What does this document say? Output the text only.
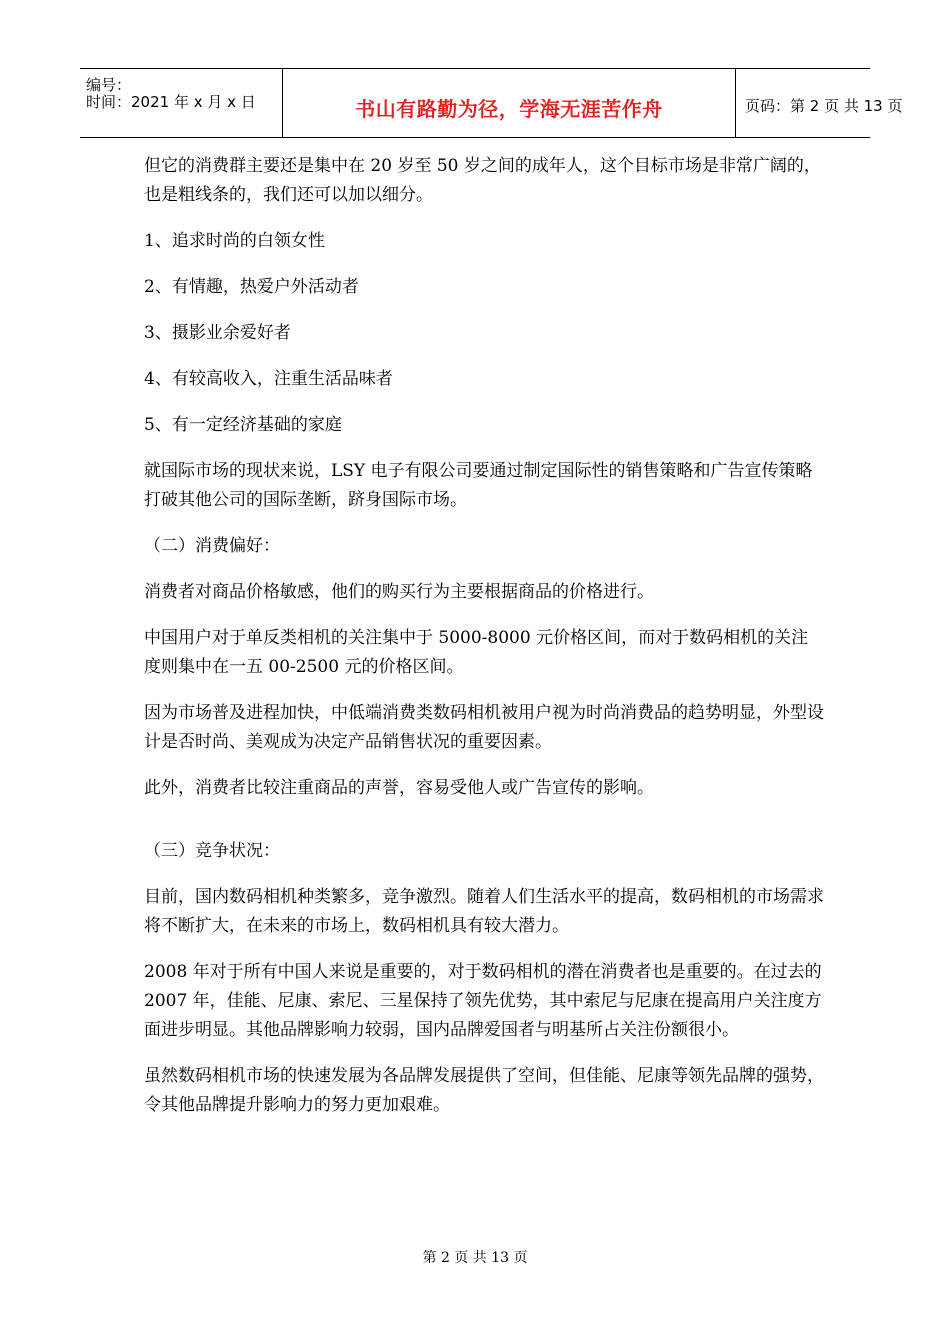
编号：
时间：2021 年 x 月 x 日	书山有路勤为径，学海无涯苦作舟	页码：第 2 页 共 13 页

但它的消费群主要还是集中在 20 岁至 50 岁之间的成年人，这个目标市场是非常广阔的，也是粗线条的，我们还可以加以细分。

1、追求时尚的白领女性

2、有情趣，热爱户外活动者

3、摄影业余爱好者

4、有较高收入，注重生活品味者

5、有一定经济基础的家庭

就国际市场的现状来说，LSY 电子有限公司要通过制定国际性的销售策略和广告宣传策略打破其他公司的国际垄断，跻身国际市场。

（二）消费偏好：

消费者对商品价格敏感，他们的购买行为主要根据商品的价格进行。

中国用户对于单反类相机的关注集中于 5000-8000 元价格区间，而对于数码相机的关注度则集中在一五 00-2500 元的价格区间。

因为市场普及进程加快，中低端消费类数码相机被用户视为时尚消费品的趋势明显，外型设计是否时尚、美观成为决定产品销售状况的重要因素。

此外，消费者比较注重商品的声誉，容易受他人或广告宣传的影响。

（三）竞争状况：

目前，国内数码相机种类繁多，竞争激烈。随着人们生活水平的提高，数码相机的市场需求将不断扩大，在未来的市场上，数码相机具有较大潜力。

2008 年对于所有中国人来说是重要的，对于数码相机的潜在消费者也是重要的。在过去的 2007 年，佳能、尼康、索尼、三星保持了领先优势，其中索尼与尼康在提高用户关注度方面进步明显。其他品牌影响力较弱，国内品牌爱国者与明基所占关注份额很小。

虽然数码相机市场的快速发展为各品牌发展提供了空间，但佳能、尼康等领先品牌的强势，令其他品牌提升影响力的努力更加艰难。

第 2 页 共 13 页
